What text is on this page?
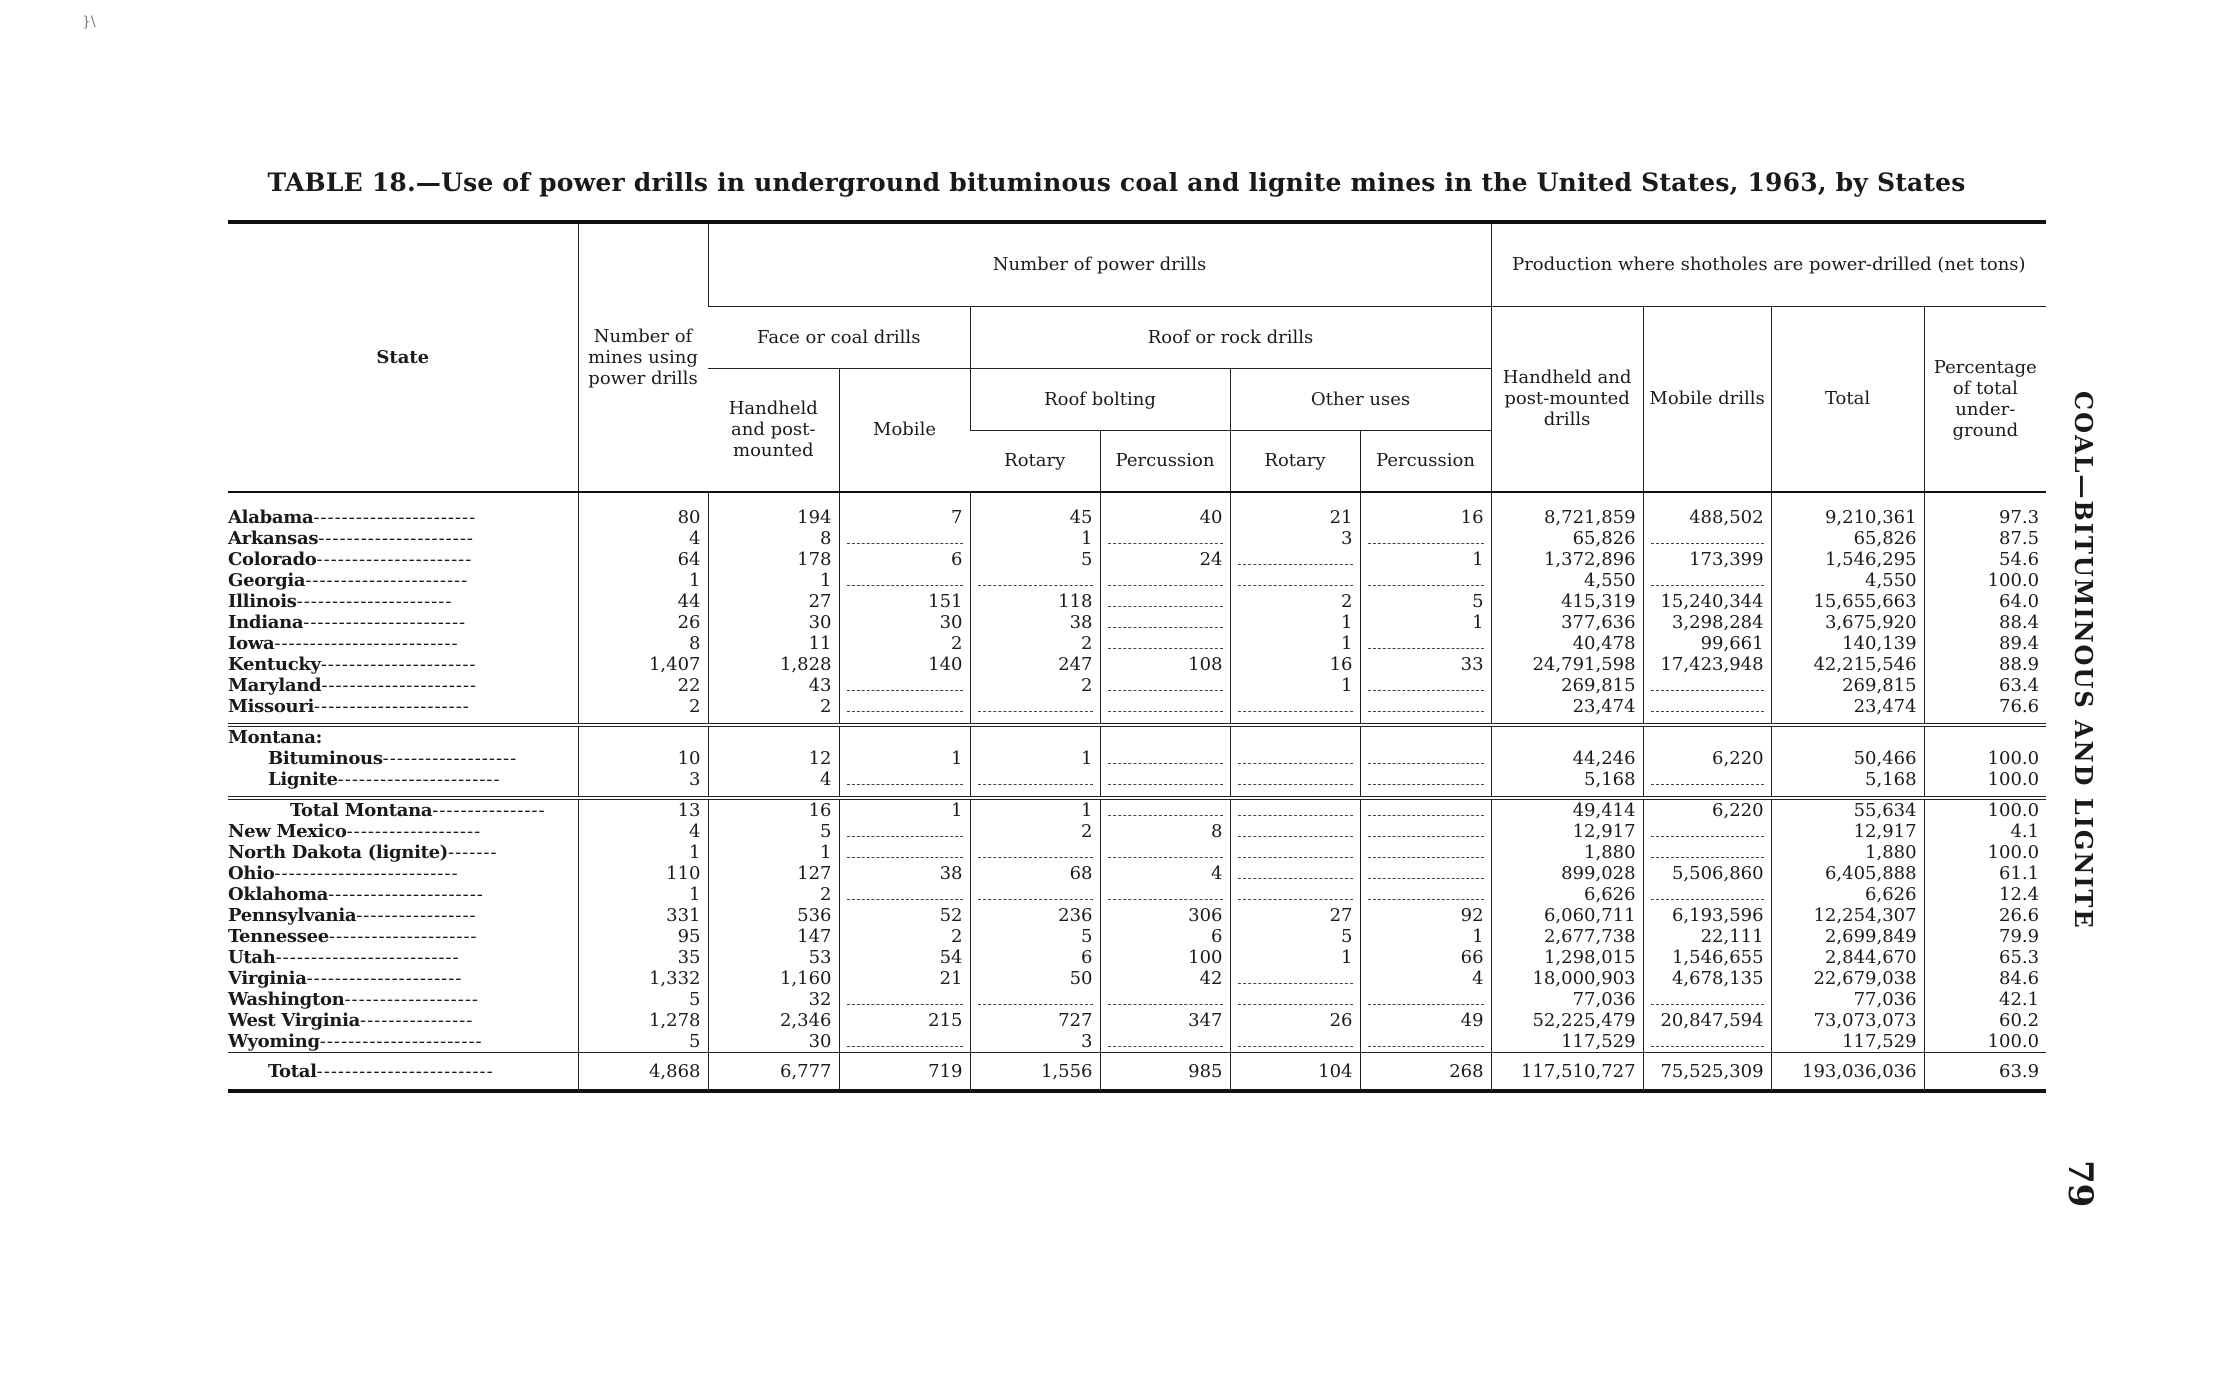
}\
TABLE 18.—Use of power drills in underground bituminous coal and lignite mines in the United States, 1963, by States
State	Number of mines using power drills	Number of power drills						Production where shotholes are power-drilled (net tons)			
		Face or coal drills		Roof or rock drills				Handheld and post-mounted drills	Mobile drills	Total	Percentage of total under-ground
		Handheld and post-mounted	Mobile	Roof bolting		Other uses					
				Rotary	Percussion	Rotary	Percussion				

Alabama-----------------------	80	194	7	45	40	21	16	8,721,859	488,502	9,210,361	97.3
Arkansas----------------------	4	8		1		3		65,826		65,826	87.5
Colorado----------------------	64	178	6	5	24		1	1,372,896	173,399	1,546,295	54.6
Georgia-----------------------	1	1						4,550		4,550	100.0
Illinois----------------------	44	27	151	118		2	5	415,319	15,240,344	15,655,663	64.0
Indiana-----------------------	26	30	30	38		1	1	377,636	3,298,284	3,675,920	88.4
Iowa--------------------------	8	11	2	2		1		40,478	99,661	140,139	89.4
Kentucky----------------------	1,407	1,828	140	247	108	16	33	24,791,598	17,423,948	42,215,546	88.9
Maryland----------------------	22	43		2		1		269,815		269,815	63.4
Missouri----------------------	2	2						23,474		23,474	76.6

Montana:											
Bituminous-------------------	10	12	1	1				44,246	6,220	50,466	100.0
Lignite-----------------------	3	4						5,168		5,168	100.0

Total Montana----------------	13	16	1	1				49,414	6,220	55,634	100.0
New Mexico-------------------	4	5		2	8			12,917		12,917	4.1
North Dakota (lignite)-------	1	1						1,880		1,880	100.0
Ohio--------------------------	110	127	38	68	4			899,028	5,506,860	6,405,888	61.1
Oklahoma----------------------	1	2						6,626		6,626	12.4
Pennsylvania-----------------	331	536	52	236	306	27	92	6,060,711	6,193,596	12,254,307	26.6
Tennessee---------------------	95	147	2	5	6	5	1	2,677,738	22,111	2,699,849	79.9
Utah--------------------------	35	53	54	6	100	1	66	1,298,015	1,546,655	2,844,670	65.3
Virginia----------------------	1,332	1,160	21	50	42		4	18,000,903	4,678,135	22,679,038	84.6
Washington-------------------	5	32						77,036		77,036	42.1
West Virginia----------------	1,278	2,346	215	727	347	26	49	52,225,479	20,847,594	73,073,073	60.2
Wyoming-----------------------	5	30		3				117,529		117,529	100.0
Total-------------------------	4,868	6,777	719	1,556	985	104	268	117,510,727	75,525,309	193,036,036	63.9

COAL—BITUMINOUS AND LIGNITE
79
